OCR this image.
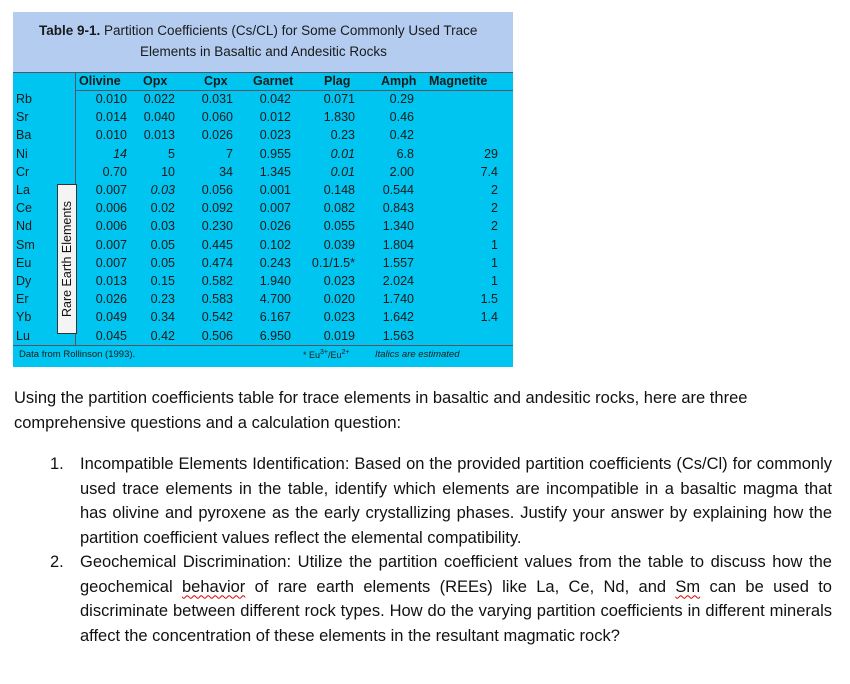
Table 9-1. Partition Coefficients (Cs/CL) for Some Commonly Used Trace
Elements in Basaltic and Andesitic Rocks
Rare Earth Elements
Olivine Opx	Cpx Garnet Plag Amph Magnetite
Rb	0.010 0.022 0.031 0.042	0.071	0.29
Sr	0.014 0.040 0.060 0.012	1.830	0.46
Ba	0.010 0.013 0.026 0.023	0.23	0.42
Ni	14	5	7 0.955	0.01	6.8	29
Cr	0.70	10	34 1.345	0.01	2.00	7.4
La	0.007 0.03 0.056 0.001	0.148 0.544	2
Ce	0.006 0.02 0.092 0.007	0.082 0.843	2
Nd	0.006 0.03 0.230 0.026	0.055 1.340	2
Sm	0.007 0.05 0.445 0.102	0.039 1.804	1
Eu	0.007 0.05 0.474 0.243 0.1/1.5* 1.557	1
Dy	0.013 0.15 0.582 1.940	0.023 2.024	1
Er	0.026 0.23 0.583 4.700	0.020 1.740	1.5
Yb	0.049 0.34 0.542 6.167	0.023 1.642	1.4
Lu	0.045 0.42 0.506 6.950	0.019 1.563
Data from Rollinson (1993).	* $Eu^{3+}/Eu^{2+}$	Italics are estimated
Using the partition coefficients table for trace elements in basaltic and andesitic rocks, here are three comprehensive questions and a calculation question:
1. Incompatible Elements Identification: Based on the provided partition coefficients (Cs/Cl) for commonly used trace elements in the table, identify which elements are incompatible in a basaltic magma that has olivine and pyroxene as the early crystallizing phases. Justify your answer by explaining how the partition coefficient values reflect the elemental compatibility.
2. Geochemical Discrimination: Utilize the partition coefficient values from the table to discuss how the geochemical behavior of rare earth elements (REEs) like La, Ce, Nd, and Sm can be used to discriminate between different rock types. How do the varying partition coefficients in different minerals affect the concentration of these elements in the resultant magmatic rock?
